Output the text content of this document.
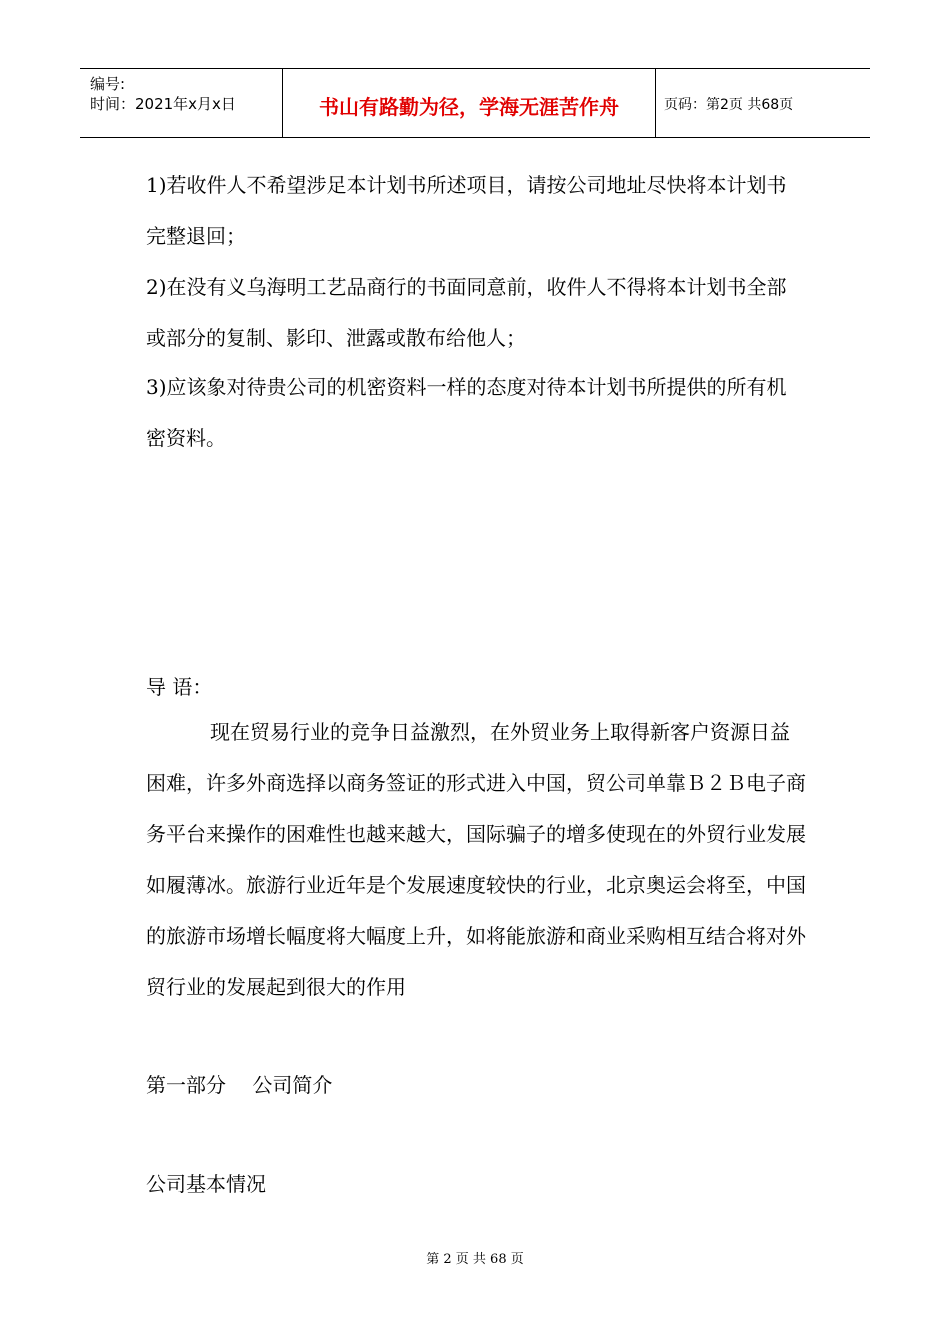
编号:
时间：2021年x月x日	书山有路勤为径，学海无涯苦作舟	页码：第2页 共68页
1)若收件人不希望涉足本计划书所述项目，请按公司地址尽快将本计划书完整退回；
2)在没有义乌海明工艺品商行的书面同意前，收件人不得将本计划书全部或部分的复制、影印、泄露或散布给他人；
3)应该象对待贵公司的机密资料一样的态度对待本计划书所提供的所有机密资料。
导 语：
现在贸易行业的竞争日益激烈，在外贸业务上取得新客户资源日益困难，许多外商选择以商务签证的形式进入中国，贸公司单靠Ｂ２Ｂ电子商务平台来操作的困难性也越来越大，国际骗子的增多使现在的外贸行业发展如履薄冰。旅游行业近年是个发展速度较快的行业，北京奥运会将至，中国的旅游市场增长幅度将大幅度上升，如将能旅游和商业采购相互结合将对外贸行业的发展起到很大的作用
第一部分　 公司简介
公司基本情况
第 2 页 共 68 页
